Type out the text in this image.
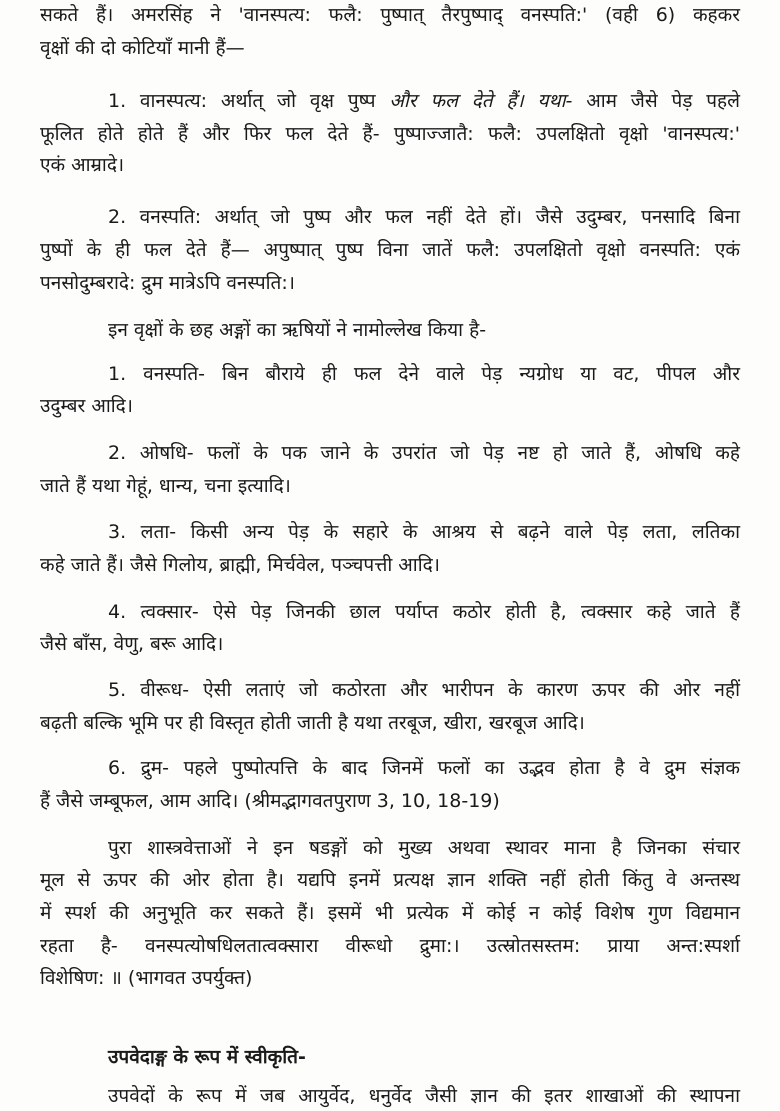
सकते हैं। अमरसिंह ने 'वानस्पत्य: फलै: पुष्पात् तैरपुष्पाद् वनस्पति:' (वही 6) कहकर
वृक्षों की दो कोटियाँ मानी हैं—
1. वानस्पत्य: अर्थात् जो वृक्ष पुष्प और फल देते हैं। यथा- आम जैसे पेड़ पहले
फूलित होते होते हैं और फिर फल देते हैं- पुष्पाज्जातै: फलै: उपलक्षितो वृक्षो 'वानस्पत्य:'
एकं आम्रादे।
2. वनस्पति: अर्थात् जो पुष्प और फल नहीं देते हों। जैसे उदुम्बर, पनसादि बिना
पुष्पों के ही फल देते हैं— अपुष्पात् पुष्प विना जातें फलै: उपलक्षितो वृक्षो वनस्पति: एकं
पनसोदुम्बरादे: द्रुम मात्रेऽपि वनस्पति:।
इन वृक्षों के छह अङ्गों का ऋषियों ने नामोल्लेख किया है-
1. वनस्पति- बिन बौराये ही फल देने वाले पेड़ न्यग्रोध या वट, पीपल और
उदुम्बर आदि।
2. ओषधि- फलों के पक जाने के उपरांत जो पेड़ नष्ट हो जाते हैं, ओषधि कहे
जाते हैं यथा गेहूं, धान्य, चना इत्यादि।
3. लता- किसी अन्य पेड़ के सहारे के आश्रय से बढ़ने वाले पेड़ लता, लतिका
कहे जाते हैं। जैसे गिलोय, ब्राह्मी, मिर्चवेल, पञ्चपत्ती आदि।
4. त्वक्सार- ऐसे पेड़ जिनकी छाल पर्याप्त कठोर होती है, त्वक्सार कहे जाते हैं
जैसे बाँस, वेणु, बरू आदि।
5. वीरूध- ऐसी लताएं जो कठोरता और भारीपन के कारण ऊपर की ओर नहीं
बढ़ती बल्कि भूमि पर ही विस्तृत होती जाती है यथा तरबूज, खीरा, खरबूज आदि।
6. द्रुम- पहले पुष्पोत्पत्ति के बाद जिनमें फलों का उद्भव होता है वे द्रुम संज्ञक
हैं जैसे जम्बूफल, आम आदि। (श्रीमद्भागवतपुराण 3, 10, 18-19)
पुरा शास्त्रवेत्ताओं ने इन षडङ्गों को मुख्य अथवा स्थावर माना है जिनका संचार
मूल से ऊपर की ओर होता है। यद्यपि इनमें प्रत्यक्ष ज्ञान शक्ति नहीं होती किंतु वे अन्तस्थ
में स्पर्श की अनुभूति कर सकते हैं। इसमें भी प्रत्येक में कोई न कोई विशेष गुण विद्यमान
रहता है- वनस्पत्योषधिलतात्वक्सारा वीरूधो द्रुमा:। उत्स्रोतसस्तम: प्राया अन्त:स्पर्शा
विशेषिण: ॥ (भागवत उपर्युक्त)
उपवेदाङ्ग के रूप में स्वीकृति-
उपवेदों के रूप में जब आयुर्वेद, धनुर्वेद जैसी ज्ञान की इतर शाखाओं की स्थापना
